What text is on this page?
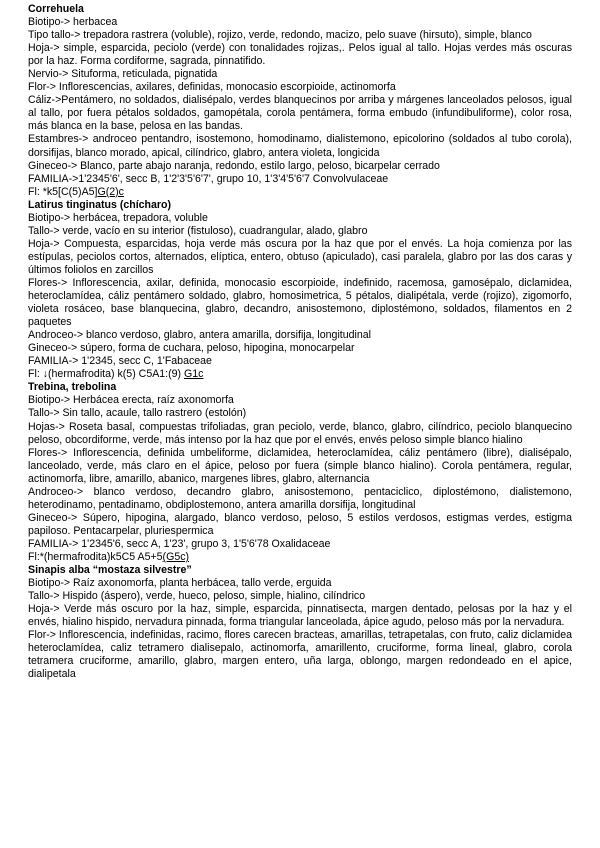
Correhuela

Biotipo-> herbacea

Tipo tallo-> trepadora rastrera (voluble), rojizo, verde, redondo, macizo, pelo suave (hirsuto), simple, blanco

Hoja-> simple, esparcida, peciolo (verde) con tonalidades rojizas,. Pelos igual al tallo. Hojas verdes más oscuras por la haz. Forma cordiforme, sagrada, pinnatifido.

Nervio-> Situforma, reticulada, pignatida

Flor-> Inflorescencias, axilares, definidas, monocasio escorpioide, actinomorfa

Cáliz->Pentámero, no soldados, dialisépalo, verdes blanquecinos por arriba y márgenes lanceolados pelosos, igual al tallo, por fuera pétalos soldados, gamopétala, corola pentámera, forma embudo (infundibuliforme), color rosa, más blanca en la base, pelosa en las bandas.

Estambres-> androceo pentandro, isostemono, homodinamo, dialistemono, epicolorino (soldados al tubo corola), dorsifijas, blanco morado, apical, cilíndrico, glabro, antera violeta, longicida

Gineceo-> Blanco, parte abajo naranja, redondo, estilo largo, peloso, bicarpelar cerrado

FAMILIA->1'2345'6', secc B, 1'2'3'5'6'7', grupo 10, 1'3'4'5'6'7 Convolvulaceae

Fl: *k5[C(5)A5]G(2)c

Latirus tinginatus (chícharo)

Biotipo-> herbácea, trepadora, voluble

Tallo-> verde, vacío en su interior (fistuloso), cuadrangular, alado, glabro

Hoja-> Compuesta, esparcidas, hoja verde más oscura por la haz que por el envés. La hoja comienza por las estípulas, peciolos cortos, alternados, elíptica, entero, obtuso (apiculado), casi paralela, glabro por las dos caras y últimos foliolos en zarcillos

Flores-> Inflorescencia, axilar, definida, monocasio escorpioide, indefinido, racemosa, gamosépalo, diclamidea, heteroclamídea, cáliz pentámero soldado, glabro, homosimetrica, 5 pétalos, dialipétala, verde (rojizo), zigomorfo, violeta rosáceo, base blanquecina, glabro, decandro, anisostemono, diplostémono, soldados, filamentos en 2 paquetes

Androceo-> blanco verdoso, glabro, antera amarilla, dorsifija, longitudinal

Gineceo-> súpero, forma de cuchara, peloso, hipogina, monocarpelar

FAMILIA-> 1'2345, secc C, 1'Fabaceae

Fl: ↓(hermafrodita) k(5) C5A1:(9) G1c

Trebina, trebolina

Biotipo-> Herbácea erecta, raíz axonomorfa

Tallo-> Sin tallo, acaule, tallo rastrero (estolón)

Hojas-> Roseta basal, compuestas trifoliadas, gran peciolo, verde, blanco, glabro, cilíndrico, peciolo blanquecino peloso, obcordiforme, verde, más intenso por la haz que por el envés, envés peloso simple blanco hialino

Flores-> Inflorescencia, definida umbeliforme, diclamidea, heteroclamídea, cáliz pentámero (libre), dialisépalo, lanceolado, verde, más claro en el ápice, peloso por fuera (simple blanco hialino). Corola pentámera, regular, actinomorfa, libre, amarillo, abanico, margenes libres, glabro, alternancia

Androceo-> blanco verdoso, decandro glabro, anisostemono, pentaciclico, diplostémono, dialistemono, heterodinamo, pentadinamo, obdiplostemono, antera amarilla dorsifija, longitudinal

Gineceo-> Súpero, hipogina, alargado, blanco verdoso, peloso, 5 estilos verdosos, estigmas verdes, estigma papiloso. Pentacarpelar, pluriespermica

FAMILIA-> 1'2345'6, secc A, 1'23', grupo 3, 1'5'6'78 Oxalidaceae

Fl:*(hermafrodita)k5C5 A5+5(G5c)

Sinapis alba “mostaza silvestre”

Biotipo-> Raíz axonomorfa, planta herbácea, tallo verde, erguida

Tallo-> Hispido (áspero), verde, hueco, peloso, simple, hialino, cilíndrico

Hoja-> Verde más oscuro por la haz, simple, esparcida, pinnatisecta, margen dentado, pelosas por la haz y el envés, hialino hispido, nervadura pinnada, forma triangular lanceolada, ápice agudo, peloso más por la nervadura.

Flor-> Inflorescencia, indefinidas, racimo, flores carecen bracteas, amarillas, tetrapetalas, con fruto, caliz diclamidea heteroclamídea, caliz tetramero dialisepalo, actinomorfa, amarillento, cruciforme, forma lineal, glabro, corola tetramera cruciforme, amarillo, glabro, margen entero, uña larga, oblongo, margen redondeado en el apice, dialipetala
